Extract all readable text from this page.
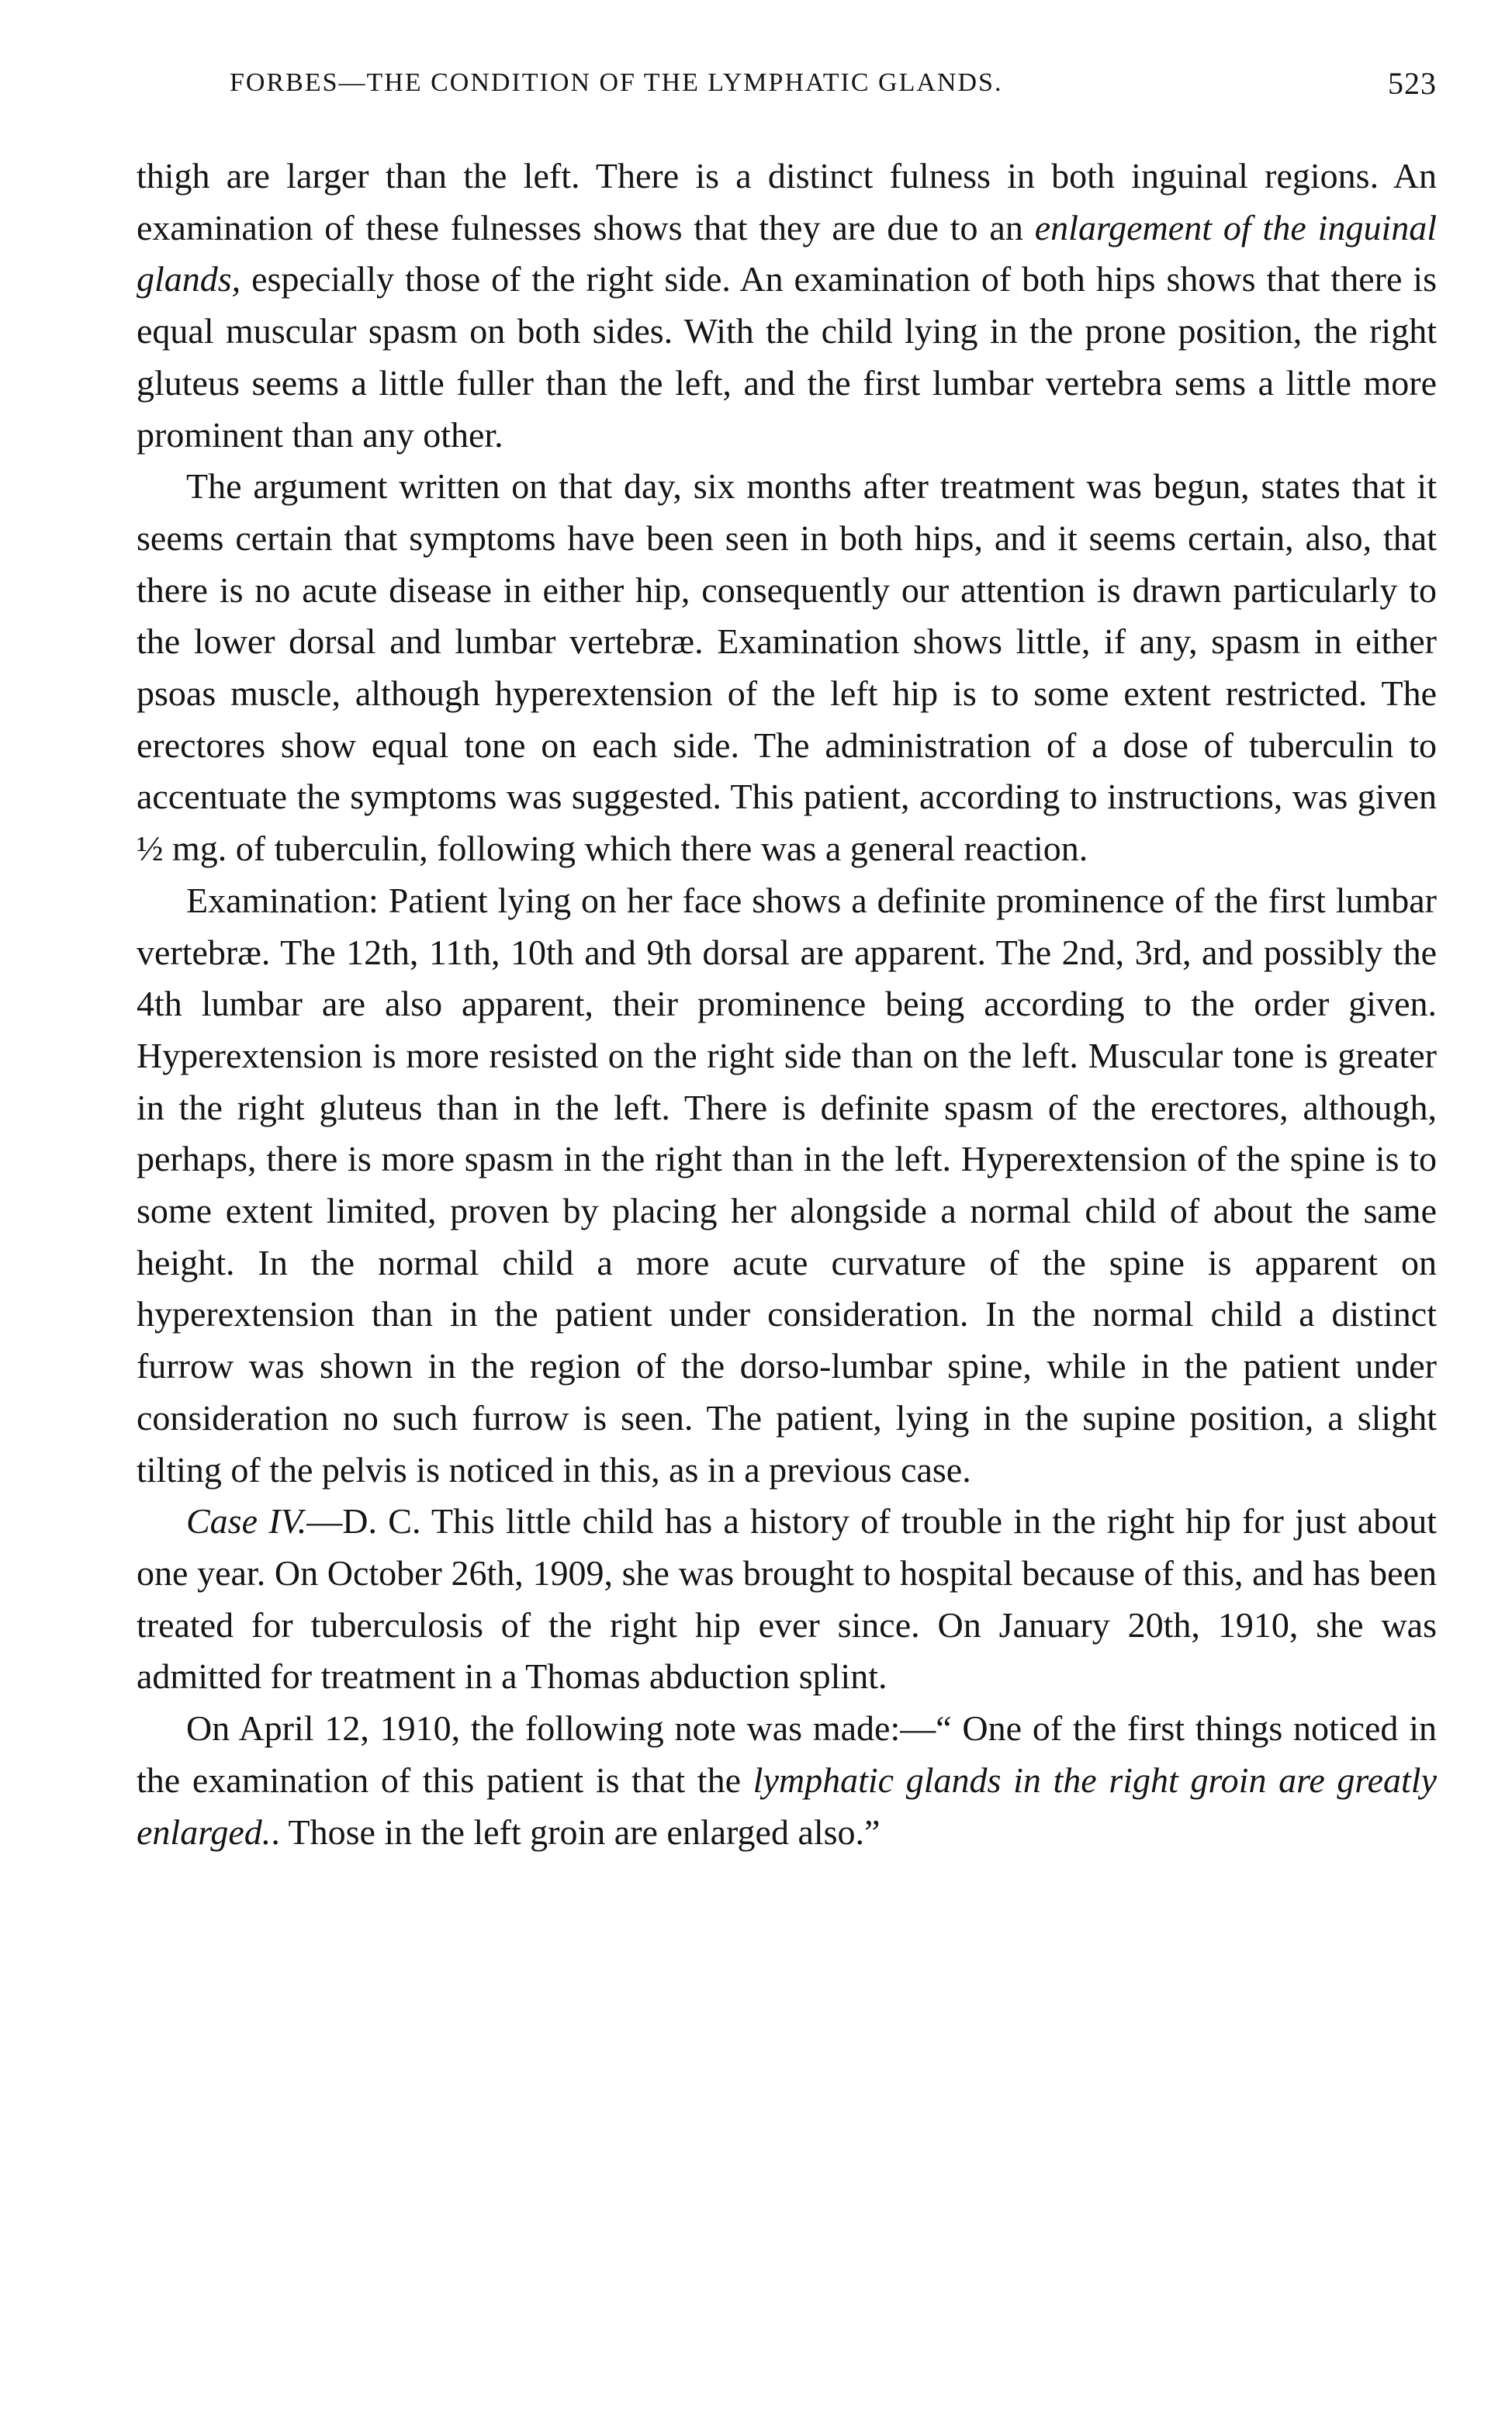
FORBES—THE CONDITION OF THE LYMPHATIC GLANDS.	523

thigh are larger than the left. There is a distinct fulness in both inguinal regions. An examination of these fulnesses shows that they are due to an enlargement of the inguinal glands, especially those of the right side. An examination of both hips shows that there is equal muscular spasm on both sides. With the child lying in the prone position, the right gluteus seems a little fuller than the left, and the first lumbar vertebra sems a little more prominent than any other.

The argument written on that day, six months after treatment was begun, states that it seems certain that symptoms have been seen in both hips, and it seems certain, also, that there is no acute disease in either hip, consequently our attention is drawn particularly to the lower dorsal and lumbar vertebræ. Examination shows little, if any, spasm in either psoas muscle, although hyperextension of the left hip is to some extent restricted. The erectores show equal tone on each side. The administration of a dose of tuberculin to accentuate the symptoms was suggested. This patient, according to instructions, was given ½ mg. of tuberculin, following which there was a general reaction.

Examination: Patient lying on her face shows a definite prominence of the first lumbar vertebræ. The 12th, 11th, 10th and 9th dorsal are apparent. The 2nd, 3rd, and possibly the 4th lumbar are also apparent, their prominence being according to the order given. Hyperextension is more resisted on the right side than on the left. Muscular tone is greater in the right gluteus than in the left. There is definite spasm of the erectores, although, perhaps, there is more spasm in the right than in the left. Hyperextension of the spine is to some extent limited, proven by placing her alongside a normal child of about the same height. In the normal child a more acute curvature of the spine is apparent on hyperextension than in the patient under consideration. In the normal child a distinct furrow was shown in the region of the dorso-lumbar spine, while in the patient under consideration no such furrow is seen. The patient, lying in the supine position, a slight tilting of the pelvis is noticed in this, as in a previous case.

Case IV.—D. C. This little child has a history of trouble in the right hip for just about one year. On October 26th, 1909, she was brought to hospital because of this, and has been treated for tuberculosis of the right hip ever since. On January 20th, 1910, she was admitted for treatment in a Thomas abduction splint.

On April 12, 1910, the following note was made:—“ One of the first things noticed in the examination of this patient is that the lymphatic glands in the right groin are greatly enlarged.. Those in the left groin are enlarged also.”
